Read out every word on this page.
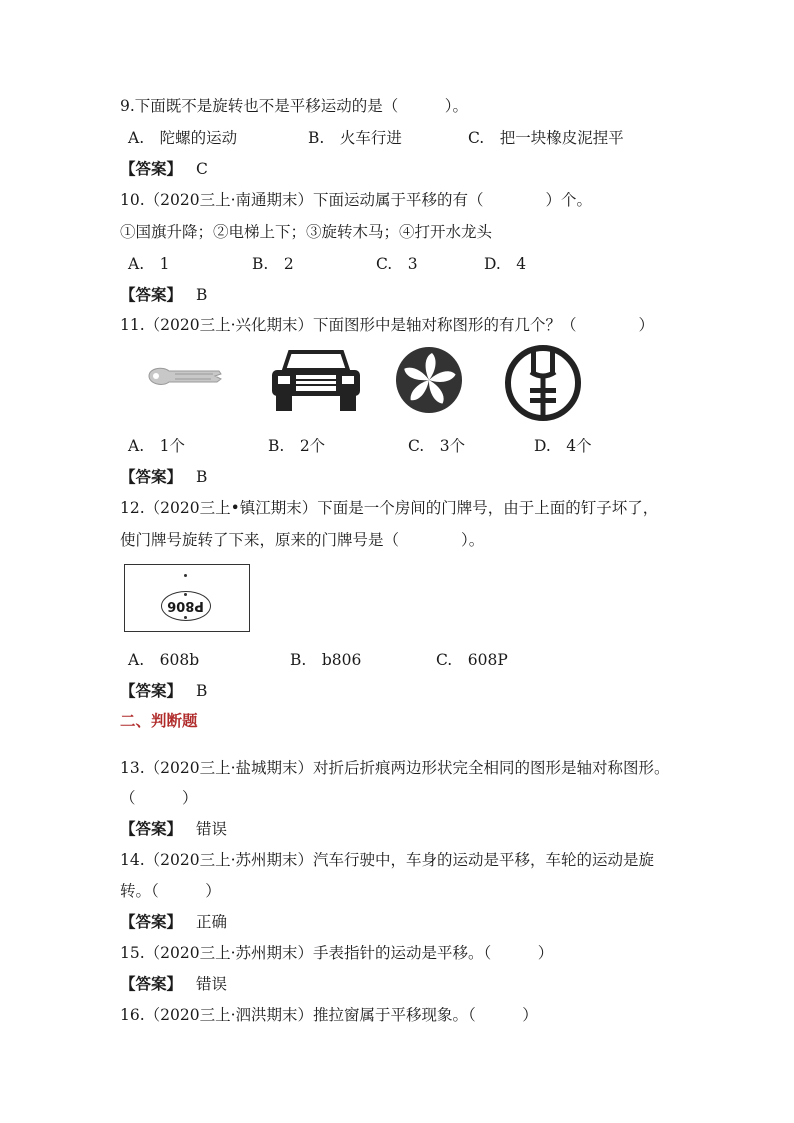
9.下面既不是旋转也不是平移运动的是（　　　）。
A.　陀螺的运动	B.　火车行进	C.　把一块橡皮泥捏平
【答案】 C
10.（2020三上·南通期末）下面运动属于平移的有（　　　　）个。
①国旗升降；②电梯上下；③旋转木马；④打开水龙头
A.　1	B.　2	C.　3	D.　4
【答案】 B
11.（2020三上·兴化期末）下面图形中是轴对称图形的有几个？（　　　　）
A.　1个	B.　2个	C.　3个	D.　4个
【答案】 B
12.（2020三上•镇江期末）下面是一个房间的门牌号，由于上面的钉子坏了，
使门牌号旋转了下来，原来的门牌号是（　　　　）。
P806
A.　608b	B.　b806	C.　608P
【答案】 B
二、判断题
13.（2020三上·盐城期末）对折后折痕两边形状完全相同的图形是轴对称图形。
（　　　）
【答案】 错误
14.（2020三上·苏州期末）汽车行驶中，车身的运动是平移，车轮的运动是旋
转。（　　　）
【答案】 正确
15.（2020三上·苏州期末）手表指针的运动是平移。（　　　）
【答案】 错误
16.（2020三上·泗洪期末）推拉窗属于平移现象。（　　　）
